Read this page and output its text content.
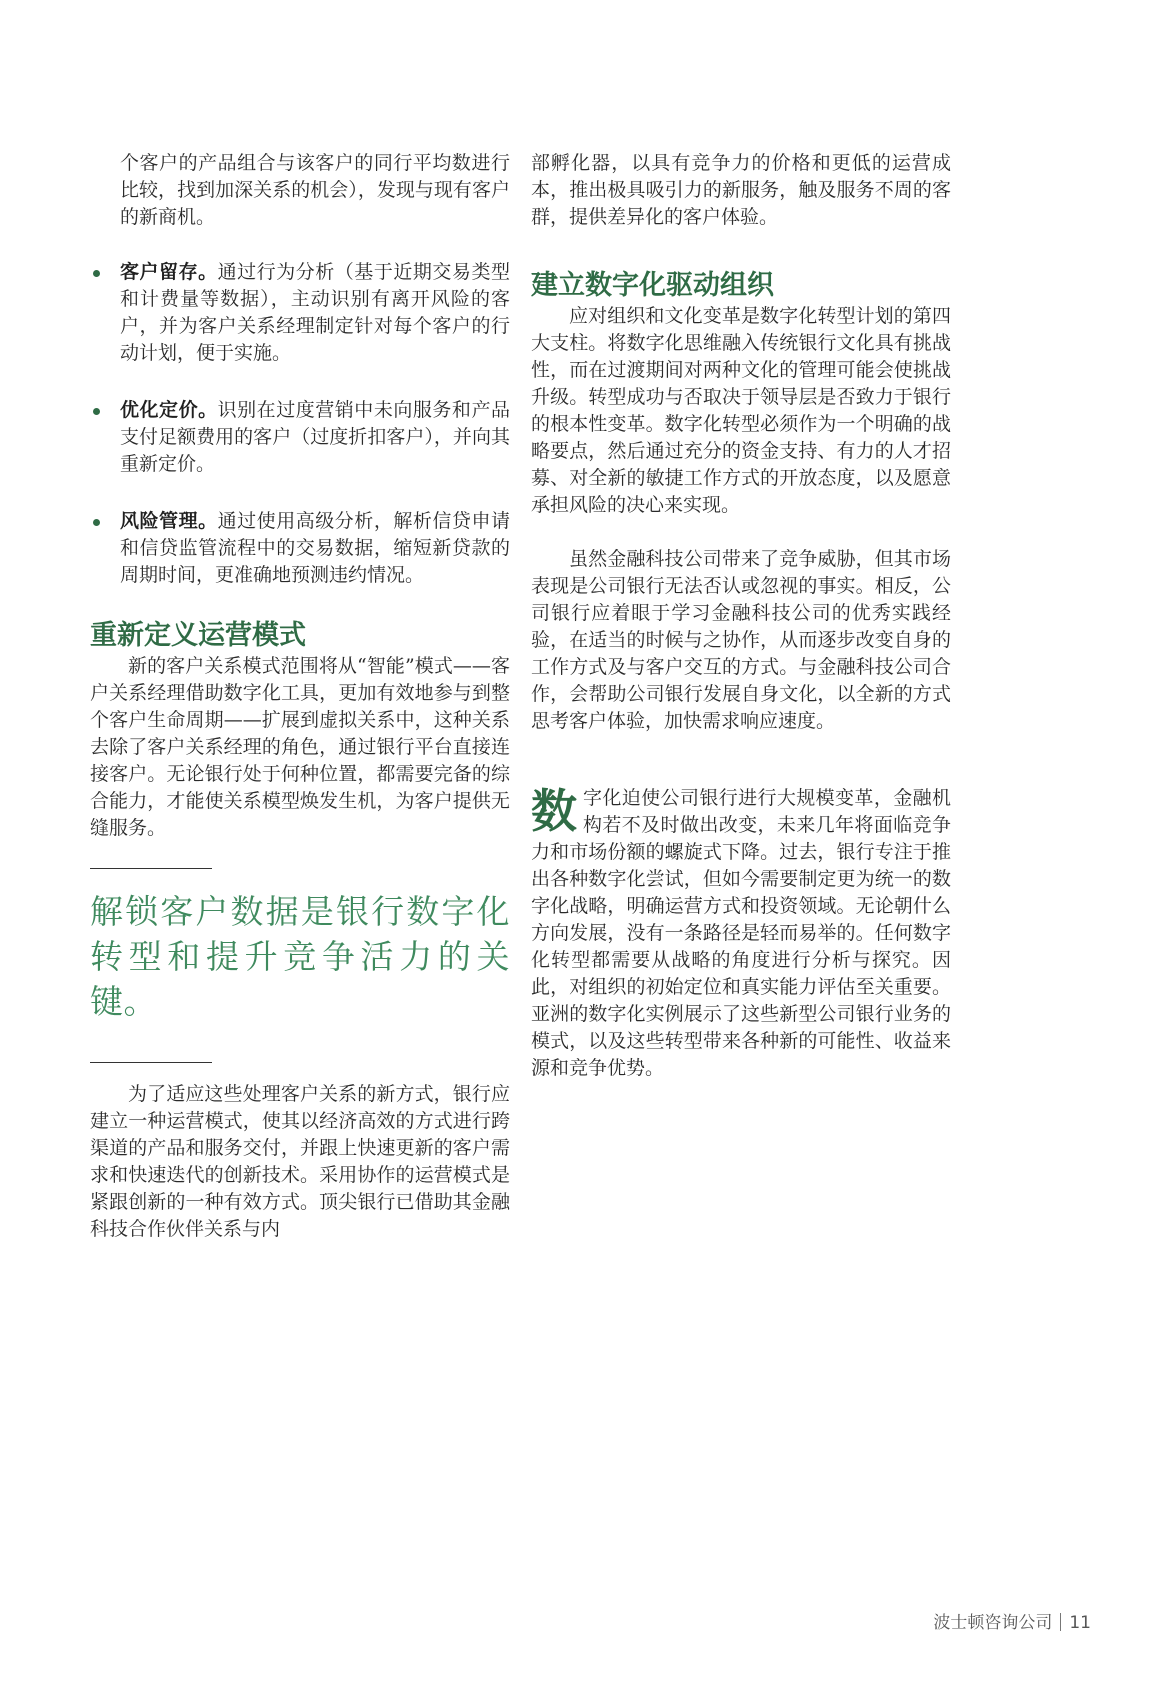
个客户的产品组合与该客户的同行平均数进行比较，找到加深关系的机会），发现与现有客户的新商机。

客户留存。通过行为分析（基于近期交易类型和计费量等数据），主动识别有离开风险的客户，并为客户关系经理制定针对每个客户的行动计划，便于实施。
优化定价。识别在过度营销中未向服务和产品支付足额费用的客户（过度折扣客户），并向其重新定价。
风险管理。通过使用高级分析，解析信贷申请和信贷监管流程中的交易数据，缩短新贷款的周期时间，更准确地预测违约情况。
重新定义运营模式

新的客户关系模式范围将从“智能”模式——客户关系经理借助数字化工具，更加有效地参与到整个客户生命周期——扩展到虚拟关系中，这种关系去除了客户关系经理的角色，通过银行平台直接连接客户。无论银行处于何种位置，都需要完备的综合能力，才能使关系模型焕发生机，为客户提供无缝服务。

解锁客户数据是银行数字化转型和提升竞争活力的关键。

为了适应这些处理客户关系的新方式，银行应建立一种运营模式，使其以经济高效的方式进行跨渠道的产品和服务交付，并跟上快速更新的客户需求和快速迭代的创新技术。采用协作的运营模式是紧跟创新的一种有效方式。顶尖银行已借助其金融科技合作伙伴关系与内

部孵化器，以具有竞争力的价格和更低的运营成本，推出极具吸引力的新服务，触及服务不周的客群，提供差异化的客户体验。

建立数字化驱动组织

应对组织和文化变革是数字化转型计划的第四大支柱。将数字化思维融入传统银行文化具有挑战性，而在过渡期间对两种文化的管理可能会使挑战升级。转型成功与否取决于领导层是否致力于银行的根本性变革。数字化转型必须作为一个明确的战略要点，然后通过充分的资金支持、有力的人才招募、对全新的敏捷工作方式的开放态度，以及愿意承担风险的决心来实现。

虽然金融科技公司带来了竞争威胁，但其市场表现是公司银行无法否认或忽视的事实。相反，公司银行应着眼于学习金融科技公司的优秀实践经验，在适当的时候与之协作，从而逐步改变自身的工作方式及与客户交互的方式。与金融科技公司合作，会帮助公司银行发展自身文化，以全新的方式思考客户体验，加快需求响应速度。

数 字化迫使公司银行进行大规模变革，金融机构若不及时做出改变，未来几年将面临竞争力和市场份额的螺旋式下降。过去，银行专注于推出各种数字化尝试，但如今需要制定更为统一的数字化战略，明确运营方式和投资领域。无论朝什么方向发展，没有一条路径是轻而易举的。任何数字化转型都需要从战略的角度进行分析与探究。因此，对组织的初始定位和真实能力评估至关重要。亚洲的数字化实例展示了这些新型公司银行业务的模式，以及这些转型带来各种新的可能性、收益来源和竞争优势。

波士顿咨询公司 11
